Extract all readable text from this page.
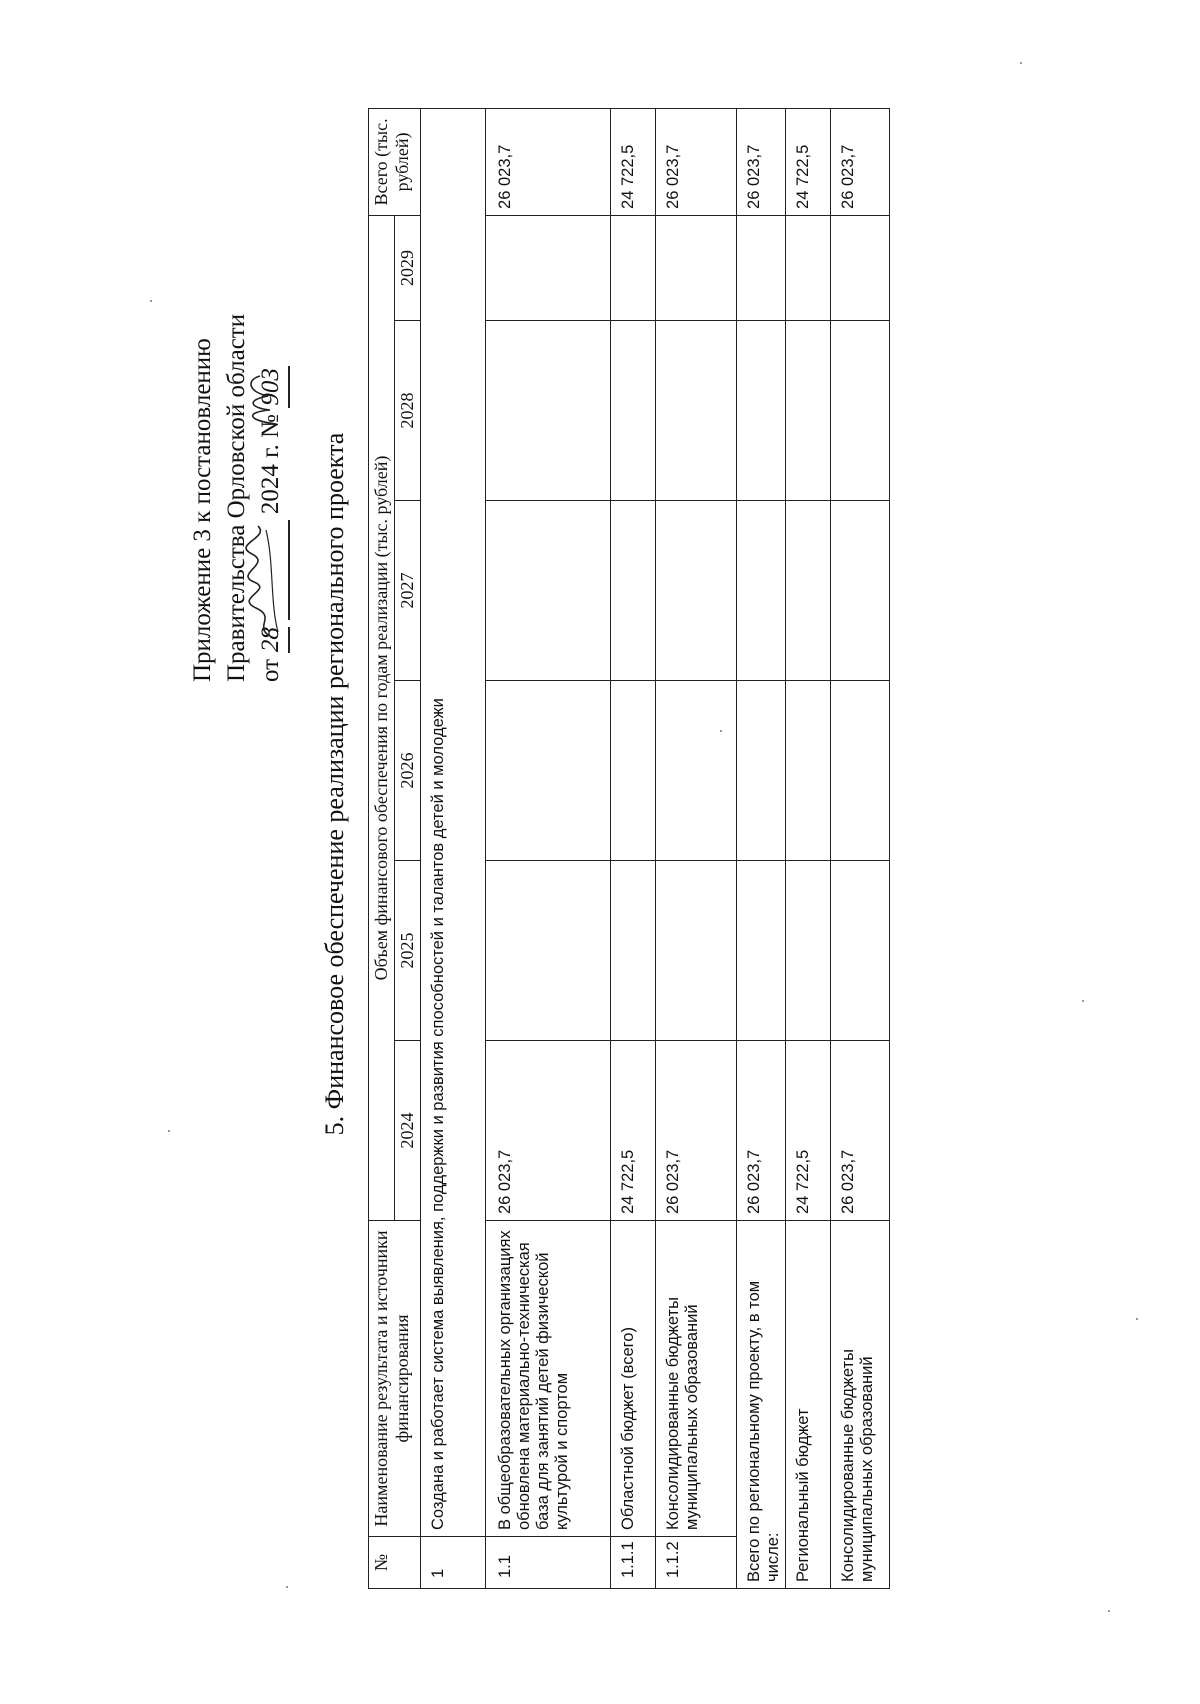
Приложение 3 к постановлению Правительства Орловской области от 28   2024 г. № 903
5. Финансовое обеспечение реализации регионального проекта
№	Наименование результата и источники финансирования	Объем финансового обеспечения по годам реализации (тыс. рублей)						Всего (тыс. рублей)
		2024	2025	2026	2027	2028	2029	
1	Создана и работает система выявления, поддержки и развития способностей и талантов детей и молодежи							
1.1	В общеобразовательных организациях обновлена материально-техническая база для занятий детей физической культурой и спортом	26 023,7						26 023,7
1.1.1	Областной бюджет (всего)	24 722,5						24 722,5
1.1.2	Консолидированные бюджеты муниципальных образований	26 023,7						26 023,7
Всего по региональному проекту, в том числе:		26 023,7						26 023,7
Региональный бюджет		24 722,5						24 722,5
Консолидированные бюджеты муниципальных образований		26 023,7						26 023,7
